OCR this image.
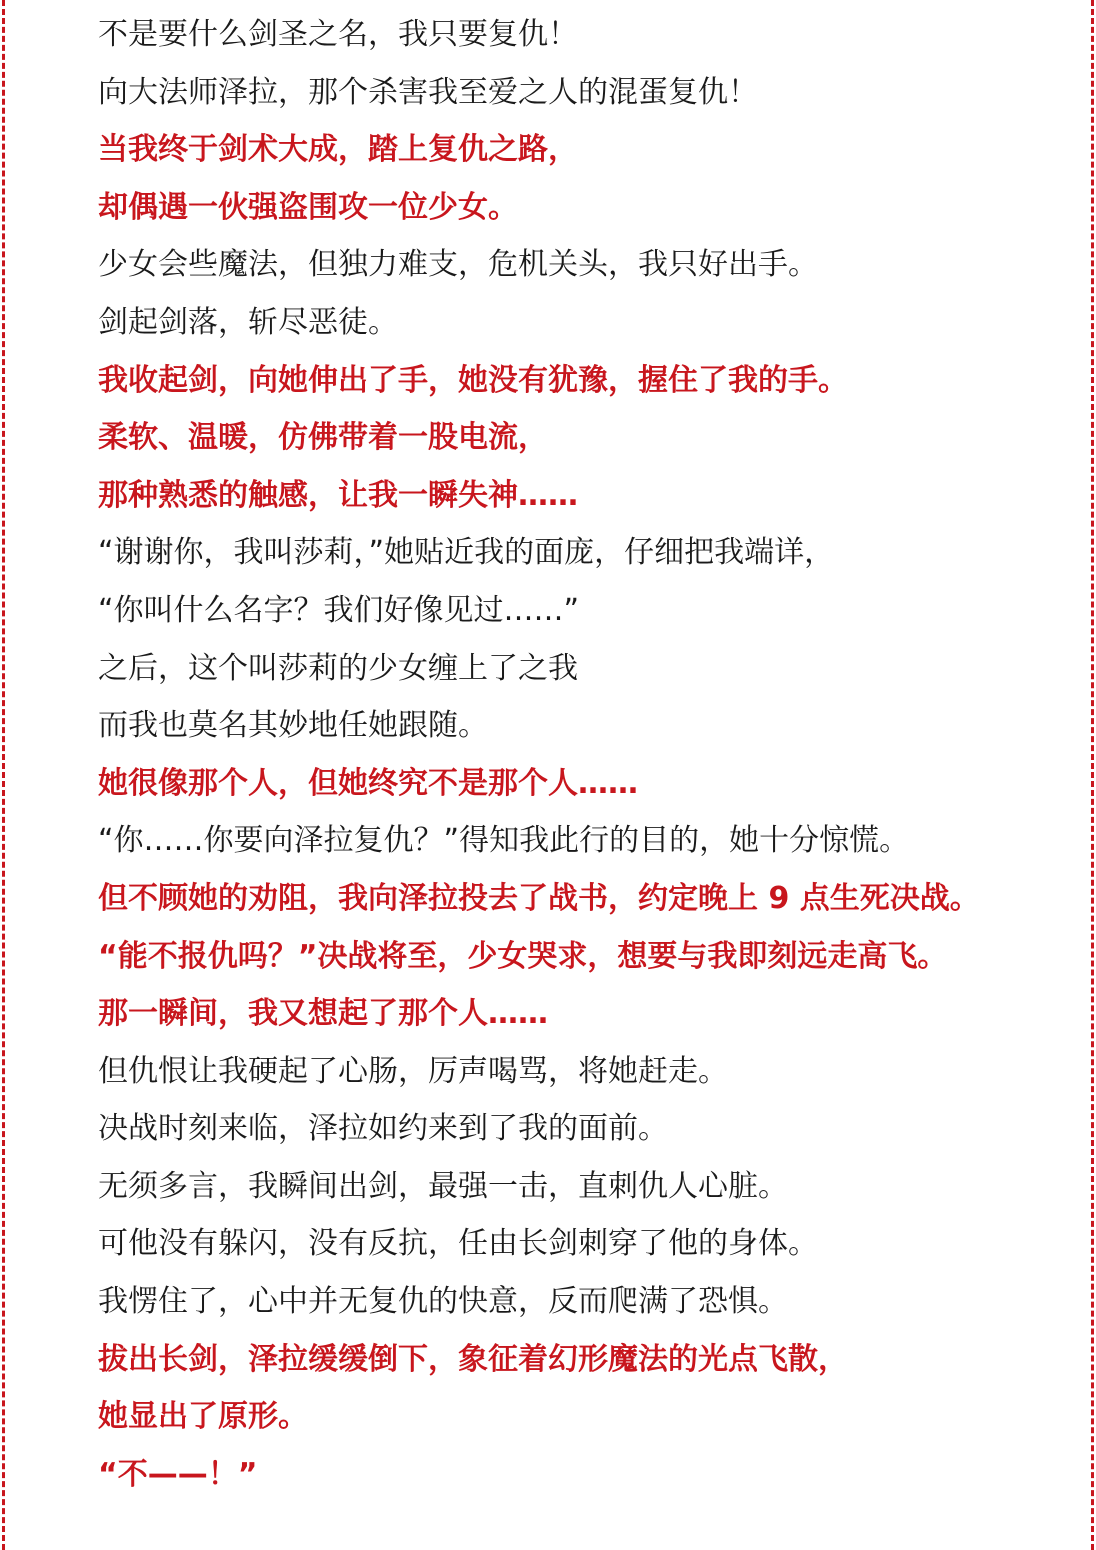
不是要什么剑圣之名，我只要复仇！
向大法师泽拉，那个杀害我至爱之人的混蛋复仇！
当我终于剑术大成，踏上复仇之路，
却偶遇一伙强盗围攻一位少女。
少女会些魔法，但独力难支，危机关头，我只好出手。
剑起剑落，斩尽恶徒。
我收起剑，向她伸出了手，她没有犹豫，握住了我的手。
柔软、温暖，仿佛带着一股电流，
那种熟悉的触感，让我一瞬失神……
“谢谢你，我叫莎莉，”她贴近我的面庞，仔细把我端详，
“你叫什么名字？我们好像见过……”
之后，这个叫莎莉的少女缠上了之我
而我也莫名其妙地任她跟随。
她很像那个人，但她终究不是那个人……
“你……你要向泽拉复仇？”得知我此行的目的，她十分惊慌。
但不顾她的劝阻，我向泽拉投去了战书，约定晚上 9 点生死决战。
“能不报仇吗？”决战将至，少女哭求，想要与我即刻远走高飞。
那一瞬间，我又想起了那个人……
但仇恨让我硬起了心肠，厉声喝骂，将她赶走。
决战时刻来临，泽拉如约来到了我的面前。
无须多言，我瞬间出剑，最强一击，直刺仇人心脏。
可他没有躲闪，没有反抗，任由长剑刺穿了他的身体。
我愣住了，心中并无复仇的快意，反而爬满了恐惧。
拔出长剑，泽拉缓缓倒下，象征着幻形魔法的光点飞散，
她显出了原形。
“不——！”
